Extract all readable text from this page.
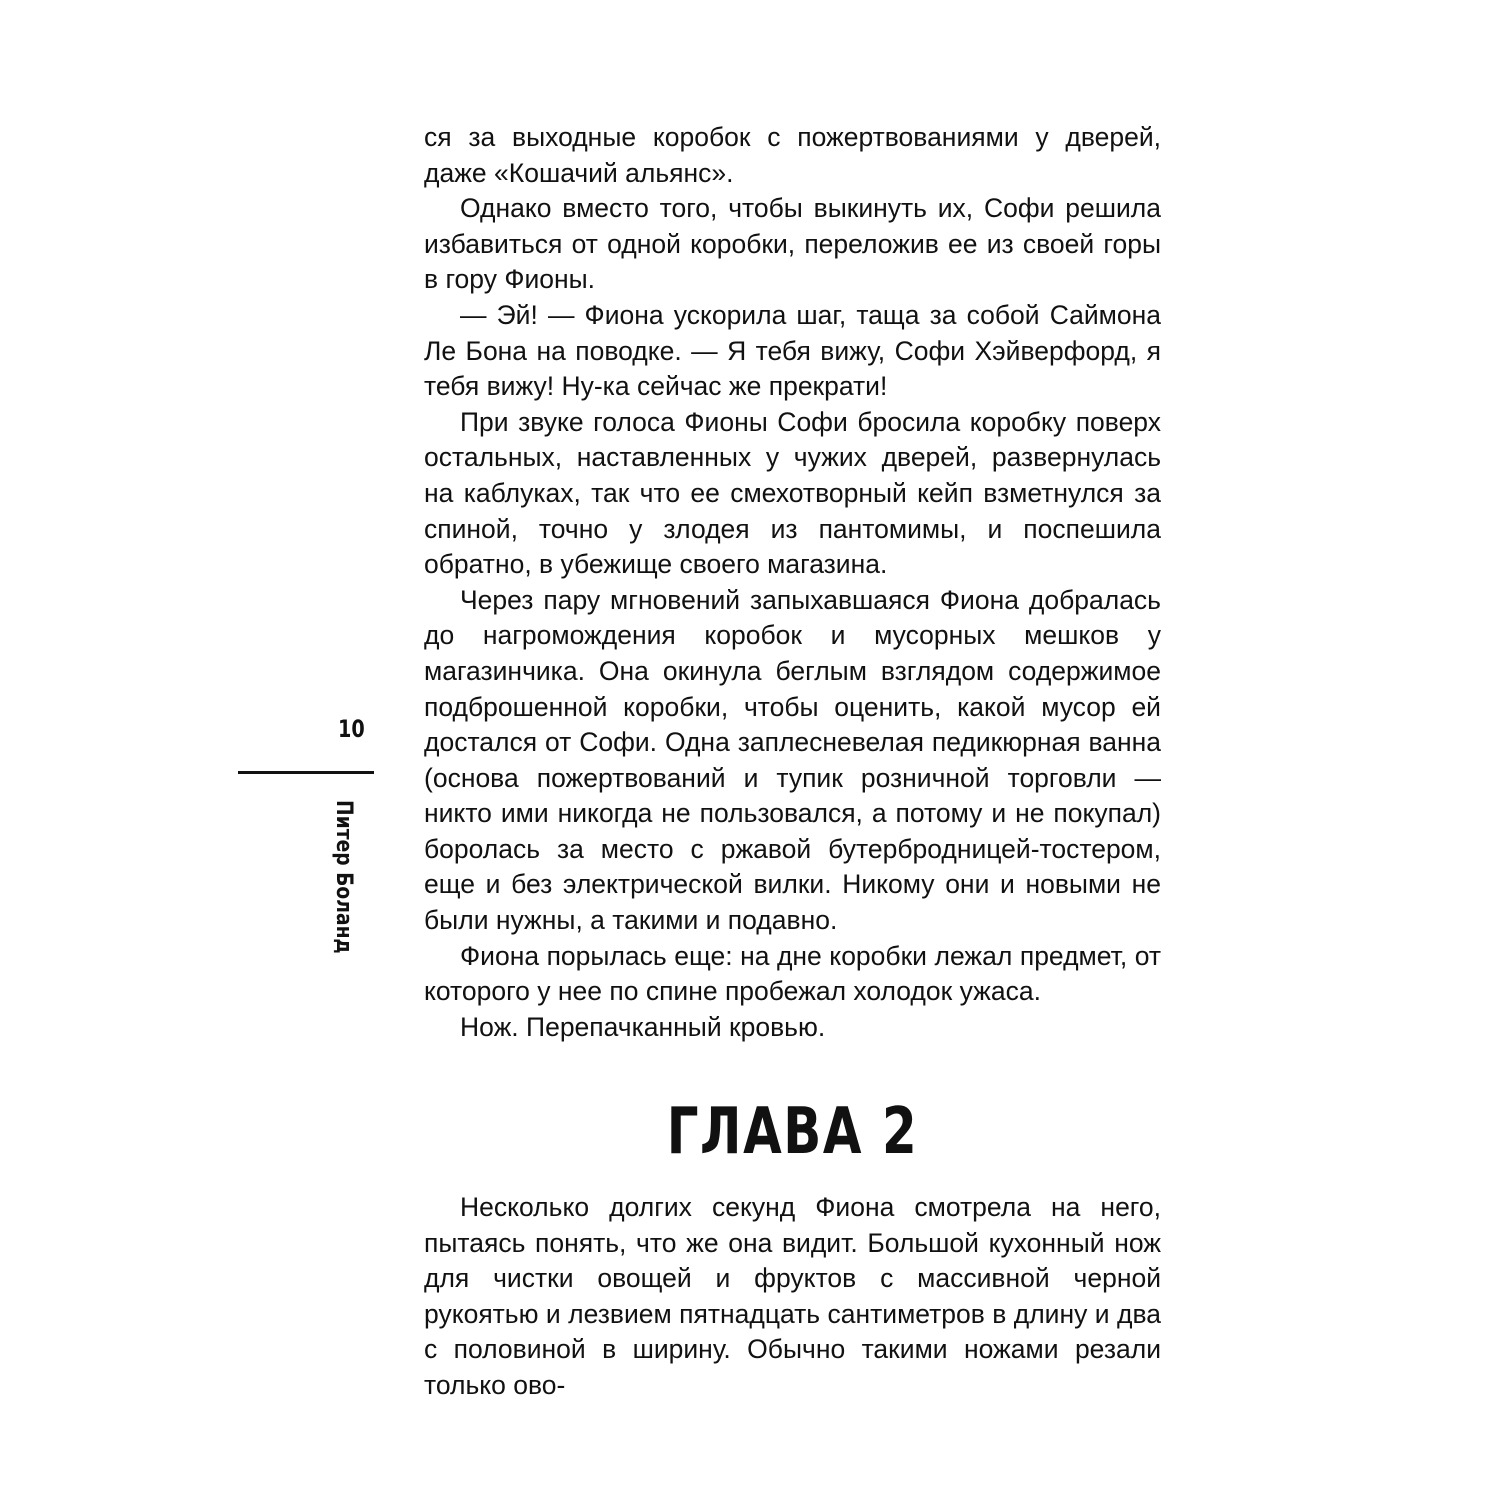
ся за выходные коробок с пожертвованиями у дверей, даже «Кошачий альянс».

Однако вместо того, чтобы выкинуть их, Софи решила избавиться от одной коробки, переложив ее из своей горы в гору Фионы.

— Эй! — Фиона ускорила шаг, таща за собой Саймона Ле Бона на поводке. — Я тебя вижу, Софи Хэйверфорд, я тебя вижу! Ну-ка сейчас же прекрати!

При звуке голоса Фионы Софи бросила коробку поверх остальных, наставленных у чужих дверей, развернулась на каблуках, так что ее смехотворный кейп взметнулся за спиной, точно у злодея из пантомимы, и поспешила обратно, в убежище своего магазина.

Через пару мгновений запыхавшаяся Фиона добралась до нагромождения коробок и мусорных мешков у магазинчика. Она окинула беглым взглядом содержимое подброшенной коробки, чтобы оценить, какой мусор ей достался от Софи. Одна заплесневелая педикюрная ванна (основа пожертвований и тупик розничной торговли — никто ими никогда не пользовался, а потому и не покупал) боролась за место с ржавой бутербродницей-тостером, еще и без электрической вилки. Никому они и новыми не были нужны, а такими и подавно.

Фиона порылась еще: на дне коробки лежал предмет, от которого у нее по спине пробежал холодок ужаса.

Нож. Перепачканный кровью.

ГЛАВА 2

Несколько долгих секунд Фиона смотрела на него, пытаясь понять, что же она видит. Большой кухонный нож для чистки овощей и фруктов с массивной черной рукоятью и лезвием пятнадцать сантиметров в длину и два с половиной в ширину. Обычно такими ножами резали только ово-

10
Питер Боланд
